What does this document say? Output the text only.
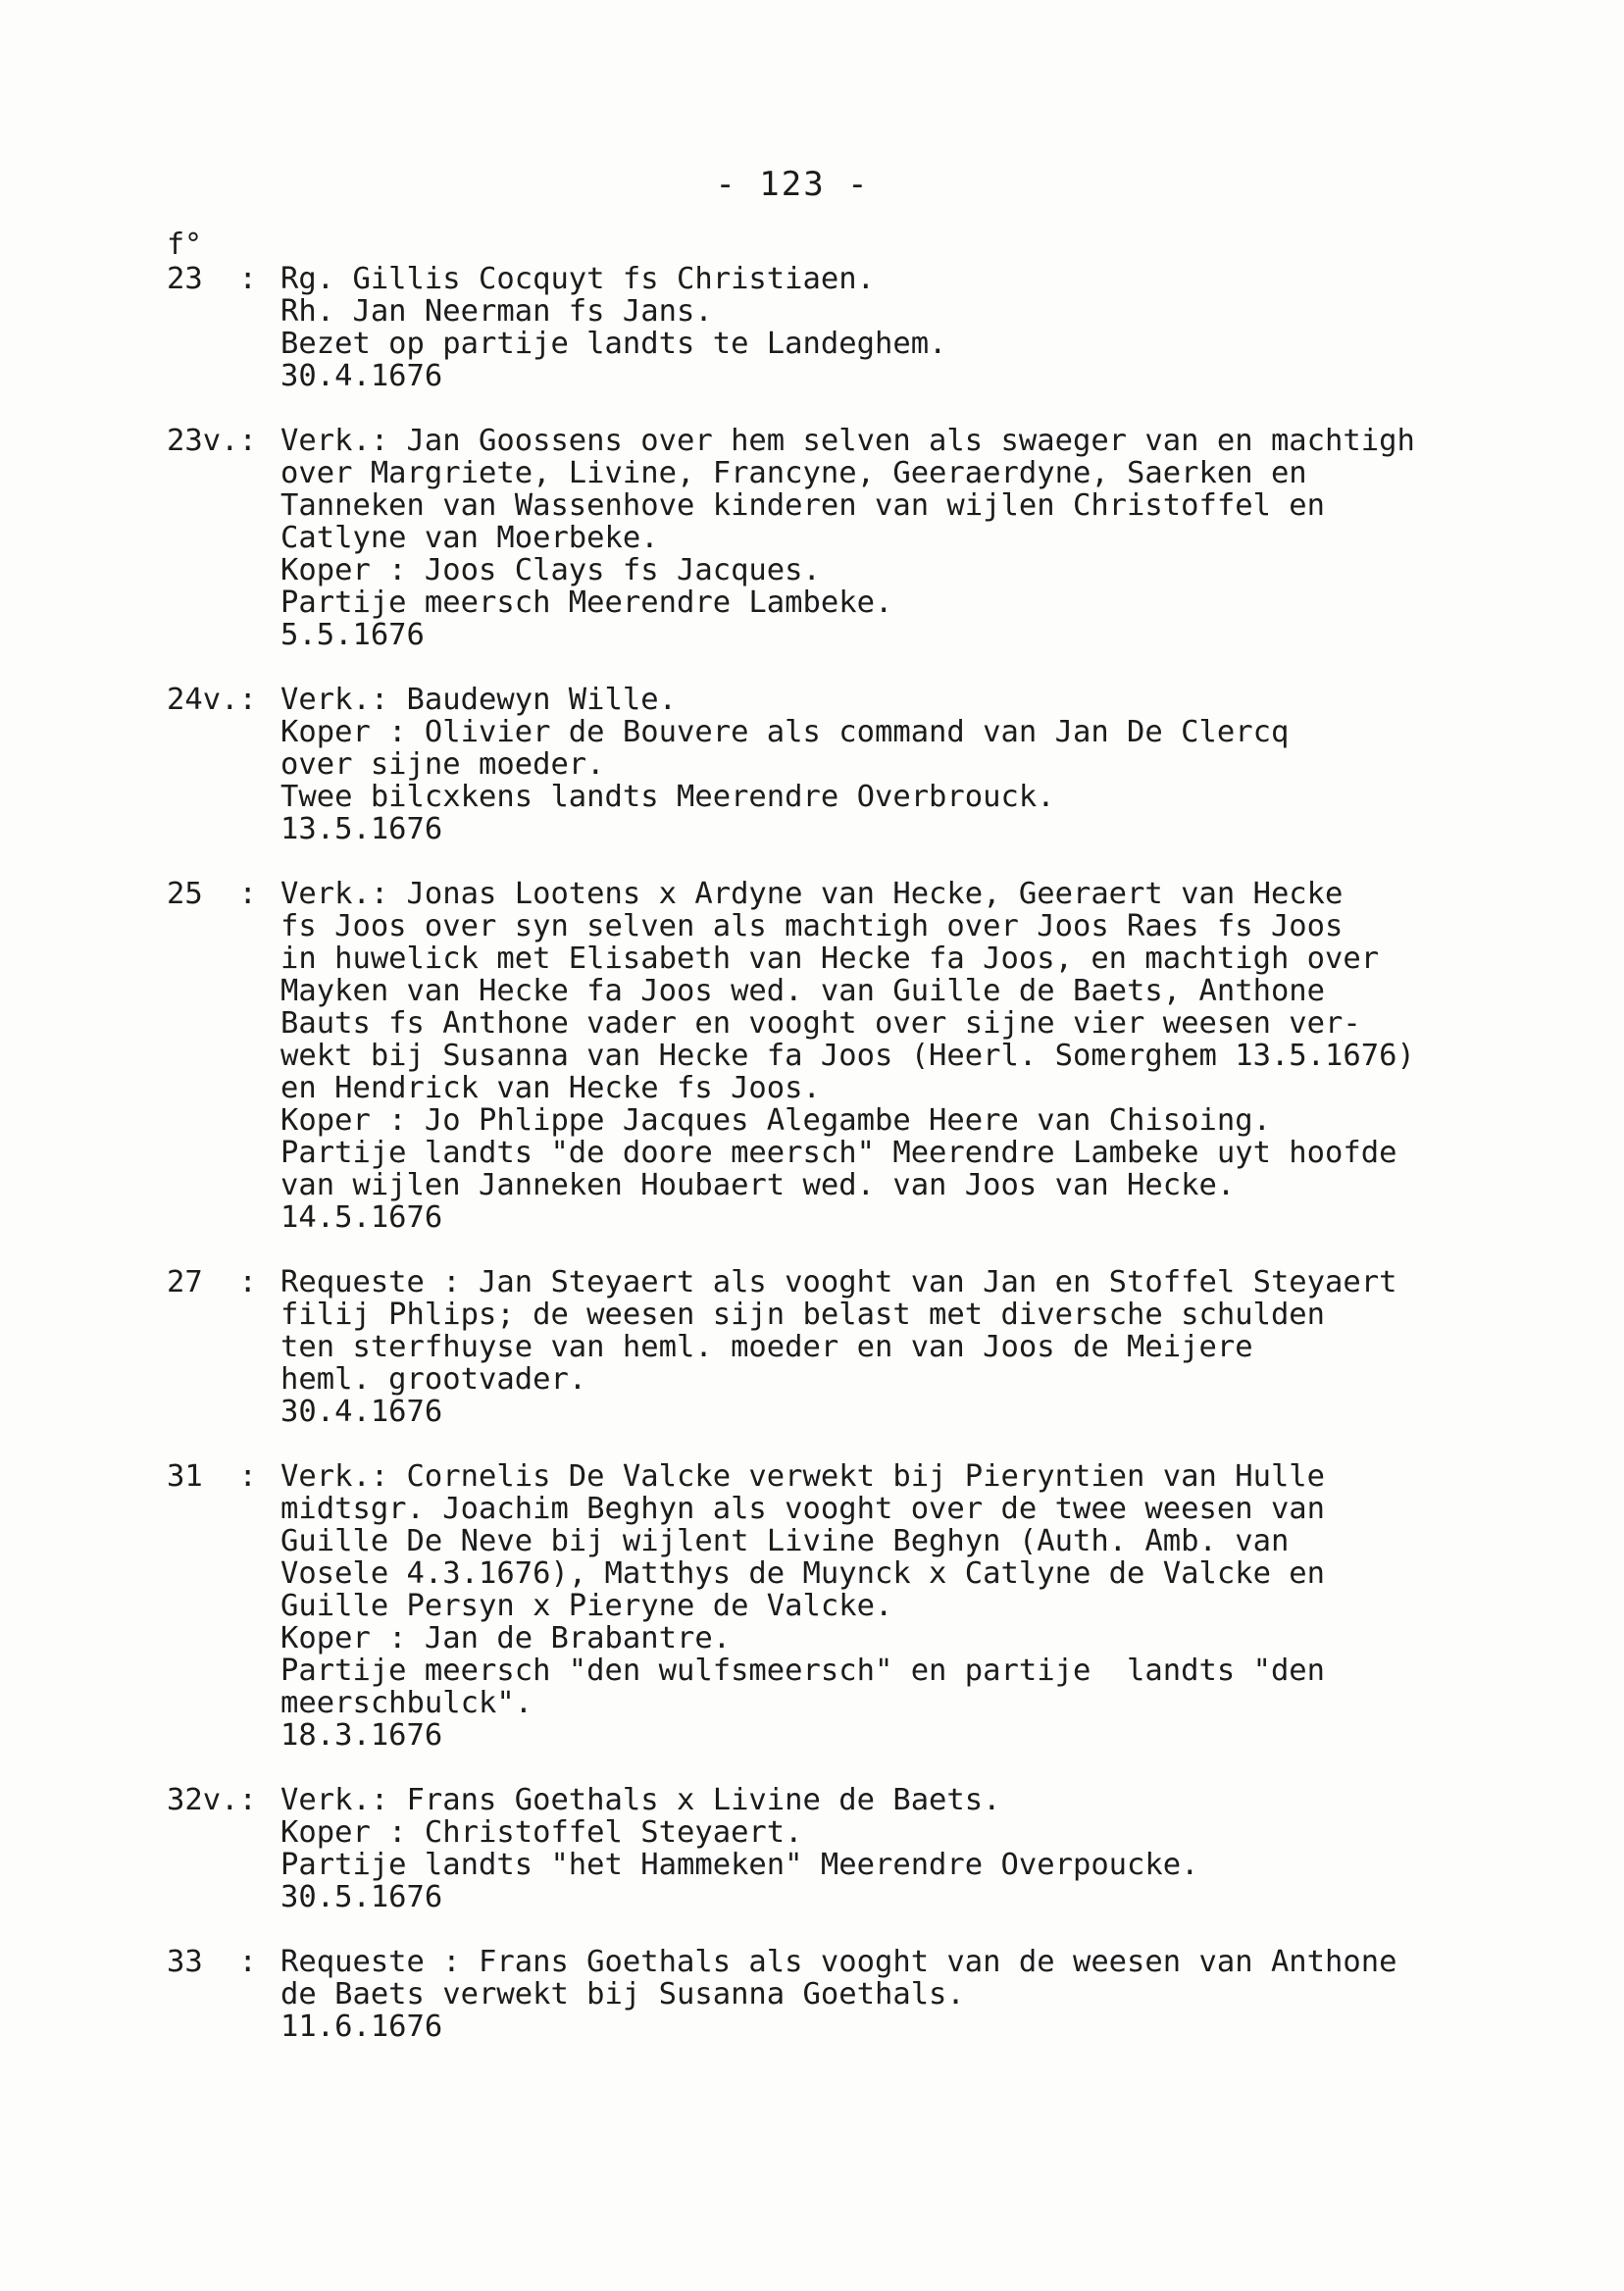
- 123 -
f°
23  : Rg. Gillis Cocquyt fs Christiaen.
Rh. Jan Neerman fs Jans.
Bezet op partije landts te Landeghem.
30.4.1676
23v.: Verk.: Jan Goossens over hem selven als swaeger van en machtigh
over Margriete, Livine, Francyne, Geeraerdyne, Saerken en
Tanneken van Wassenhove kinderen van wijlen Christoffel en
Catlyne van Moerbeke.
Koper : Joos Clays fs Jacques.
Partije meersch Meerendre Lambeke.
5.5.1676
24v.: Verk.: Baudewyn Wille.
Koper : Olivier de Bouvere als command van Jan De Clercq
over sijne moeder.
Twee bilcxkens landts Meerendre Overbrouck.
13.5.1676
25  : Verk.: Jonas Lootens x Ardyne van Hecke, Geeraert van Hecke
fs Joos over syn selven als machtigh over Joos Raes fs Joos
in huwelick met Elisabeth van Hecke fa Joos, en machtigh over
Mayken van Hecke fa Joos wed. van Guille de Baets, Anthone
Bauts fs Anthone vader en vooght over sijne vier weesen ver-
wekt bij Susanna van Hecke fa Joos (Heerl. Somerghem 13.5.1676)
en Hendrick van Hecke fs Joos.
Koper : Jo Phlippe Jacques Alegambe Heere van Chisoing.
Partije landts "de doore meersch" Meerendre Lambeke uyt hoofde
van wijlen Janneken Houbaert wed. van Joos van Hecke.
14.5.1676
27  : Requeste : Jan Steyaert als vooght van Jan en Stoffel Steyaert
filij Phlips; de weesen sijn belast met diversche schulden
ten sterfhuyse van heml. moeder en van Joos de Meijere
heml. grootvader.
30.4.1676
31  : Verk.: Cornelis De Valcke verwekt bij Pieryntien van Hulle
midtsgr. Joachim Beghyn als vooght over de twee weesen van
Guille De Neve bij wijlent Livine Beghyn (Auth. Amb. van
Vosele 4.3.1676), Matthys de Muynck x Catlyne de Valcke en
Guille Persyn x Pieryne de Valcke.
Koper : Jan de Brabantre.
Partije meersch "den wulfsmeersch" en partije  landts "den
meerschbulck".
18.3.1676
32v.: Verk.: Frans Goethals x Livine de Baets.
Koper : Christoffel Steyaert.
Partije landts "het Hammeken" Meerendre Overpoucke.
30.5.1676
33  : Requeste : Frans Goethals als vooght van de weesen van Anthone
de Baets verwekt bij Susanna Goethals.
11.6.1676
